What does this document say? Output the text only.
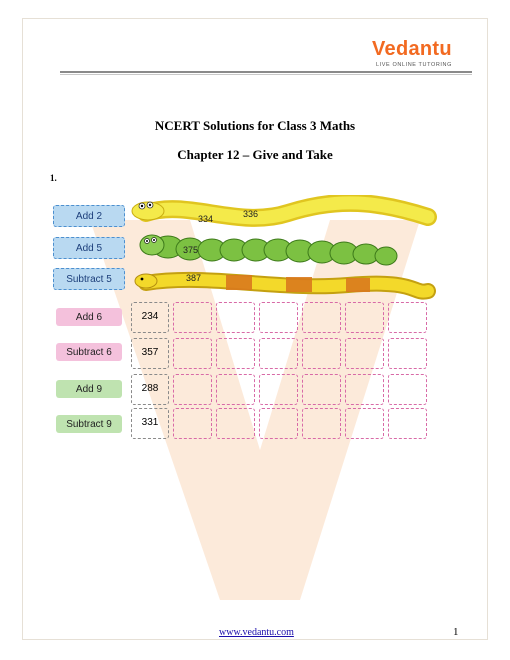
Vedantu
LIVE ONLINE TUTORING
NCERT Solutions for Class 3 Maths
Chapter 12 – Give and Take
1.
Add 2
Add 5
Subtract 5
334	336
375
387
Add 6
Subtract 6
Add 9
Subtract 9
234
357
288
331
www.vedantu.com	1
